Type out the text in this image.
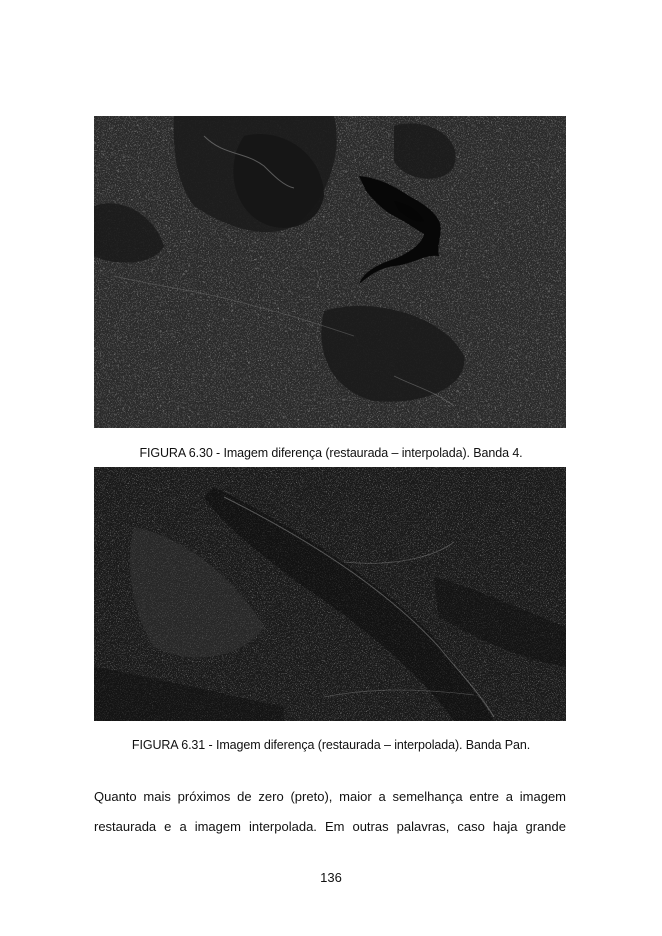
FIGURA 6.30 - Imagem diferença (restaurada – interpolada). Banda 4.
FIGURA 6.31 - Imagem diferença (restaurada – interpolada). Banda Pan.
Quanto mais próximos de zero (preto), maior a semelhança entre a imagem
restaurada e a imagem interpolada. Em outras palavras, caso haja grande
136
